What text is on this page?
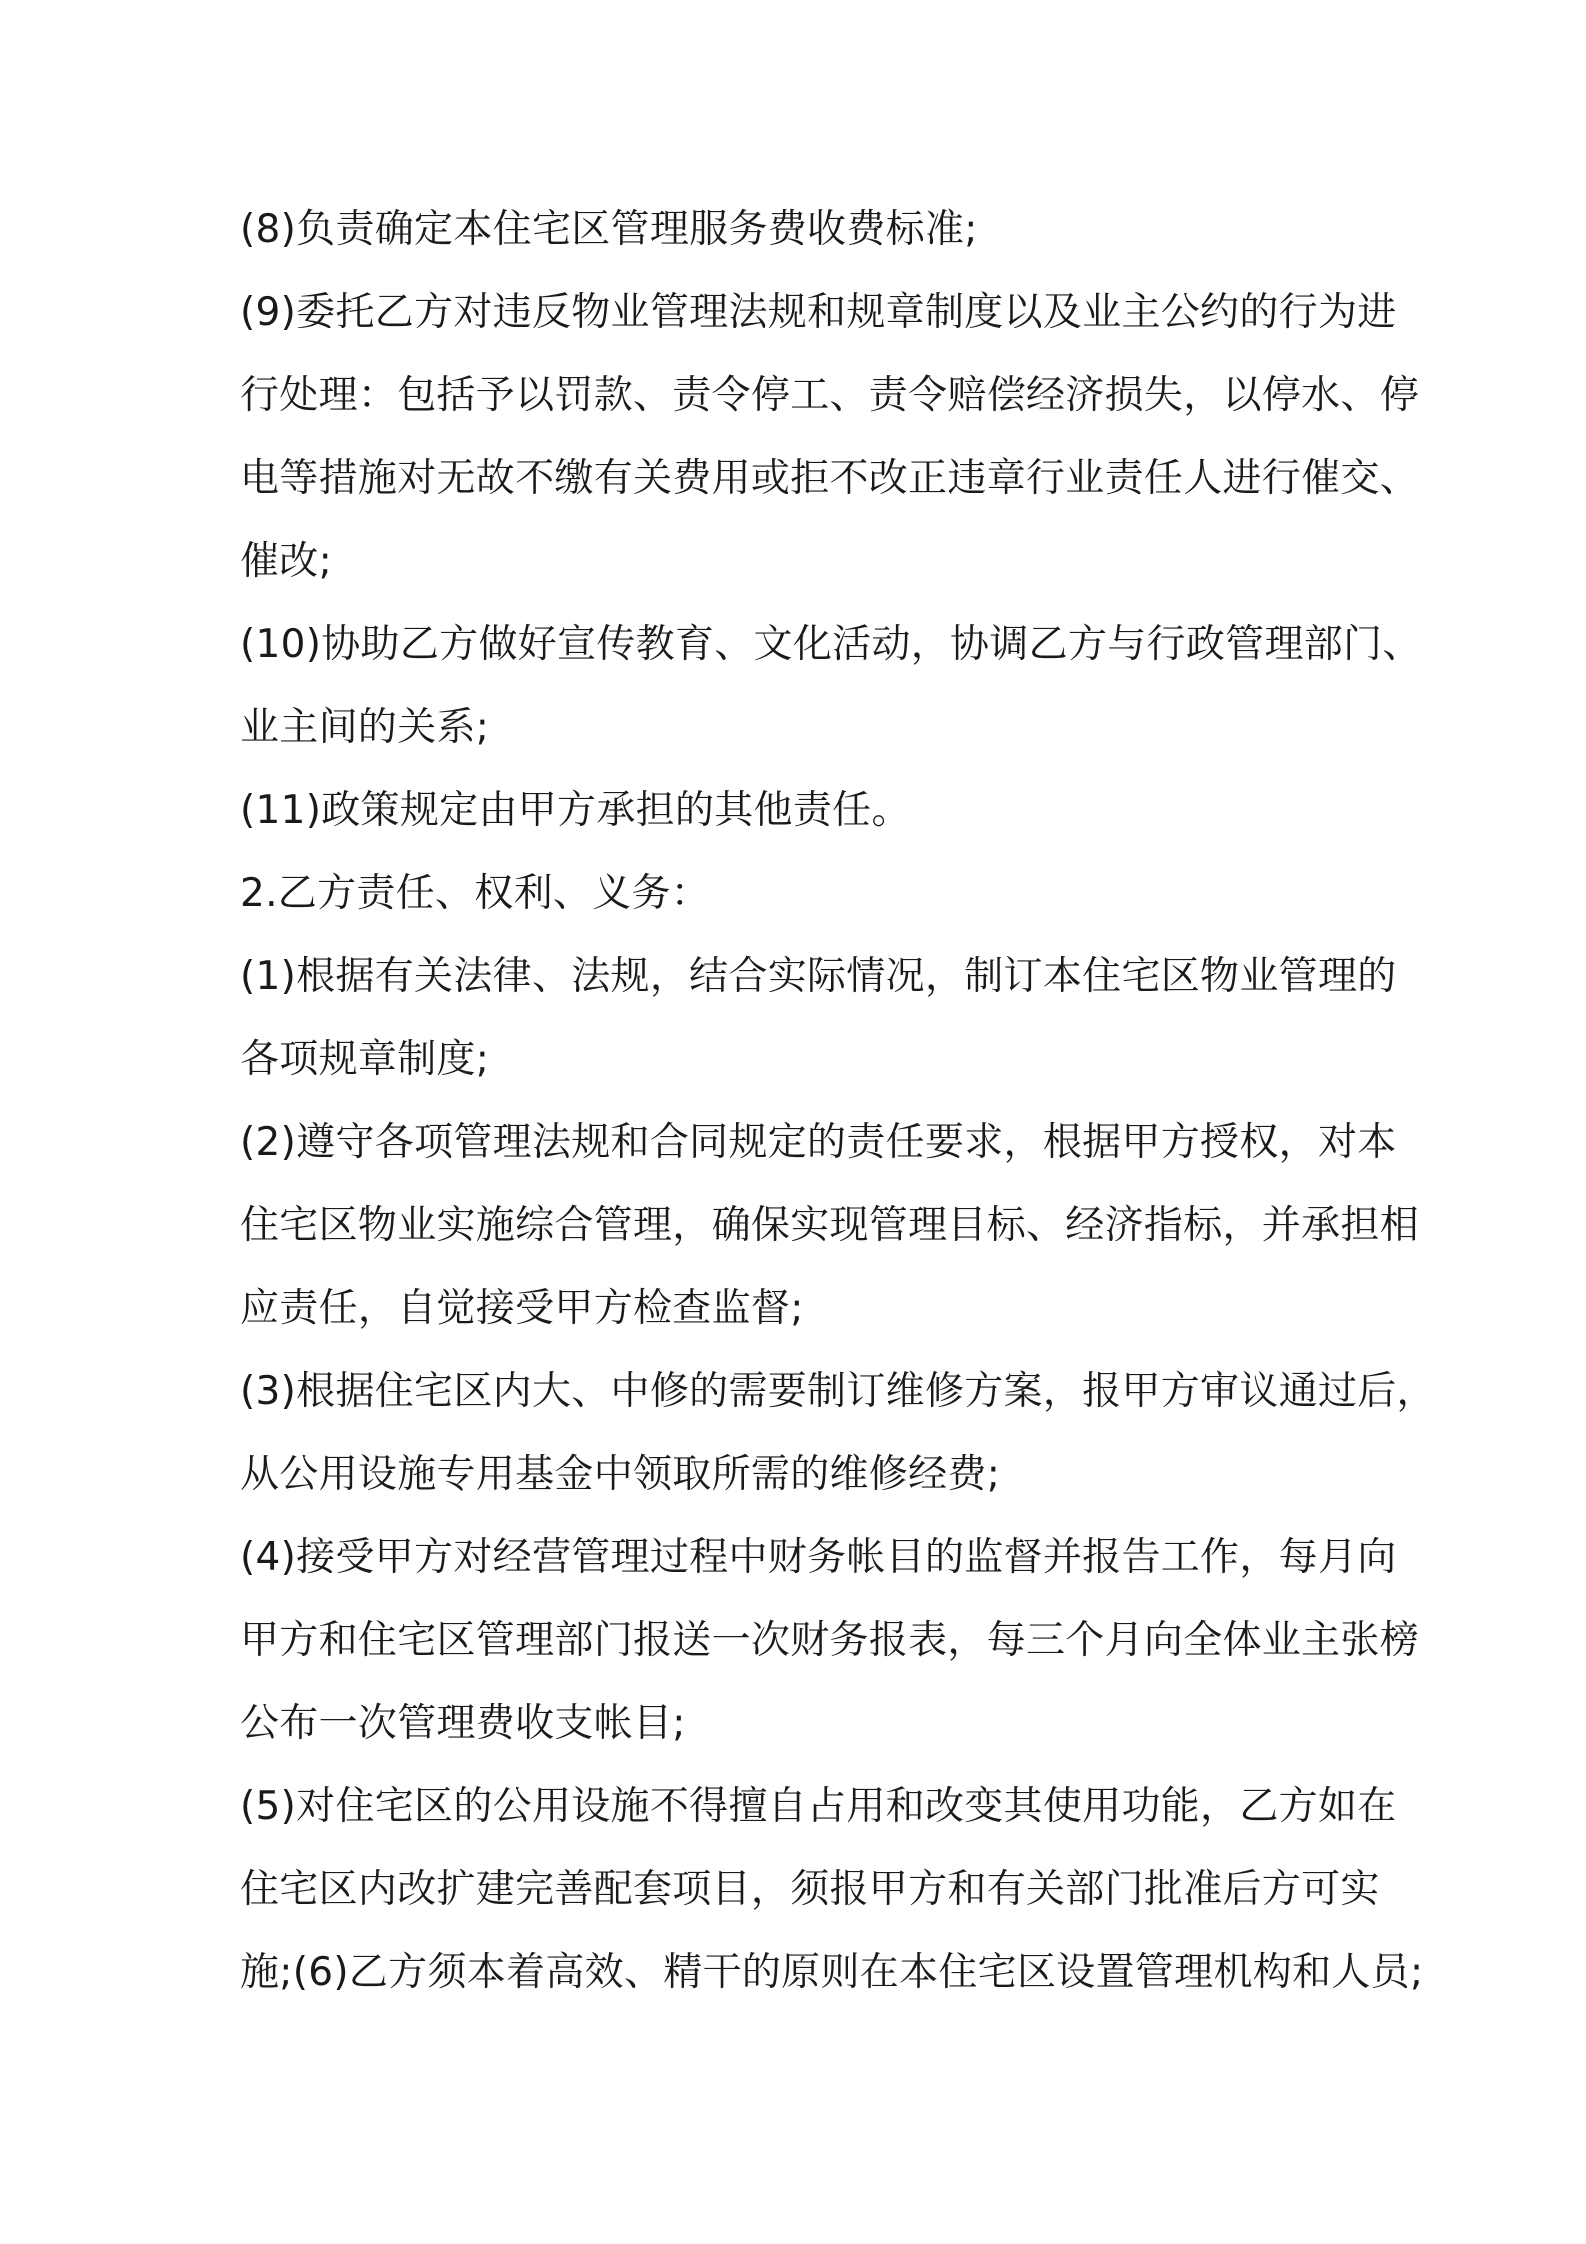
(8)负责确定本住宅区管理服务费收费标准;
(9)委托乙方对违反物业管理法规和规章制度以及业主公约的行为进
行处理：包括予以罚款、责令停工、责令赔偿经济损失，以停水、停
电等措施对无故不缴有关费用或拒不改正违章行业责任人进行催交、
催改;
(10)协助乙方做好宣传教育、文化活动，协调乙方与行政管理部门、
业主间的关系;
(11)政策规定由甲方承担的其他责任。
2.乙方责任、权利、义务：
(1)根据有关法律、法规，结合实际情况，制订本住宅区物业管理的
各项规章制度;
(2)遵守各项管理法规和合同规定的责任要求，根据甲方授权，对本
住宅区物业实施综合管理，确保实现管理目标、经济指标，并承担相
应责任，自觉接受甲方检查监督;
(3)根据住宅区内大、中修的需要制订维修方案，报甲方审议通过后，
从公用设施专用基金中领取所需的维修经费;
(4)接受甲方对经营管理过程中财务帐目的监督并报告工作，每月向
甲方和住宅区管理部门报送一次财务报表，每三个月向全体业主张榜
公布一次管理费收支帐目;
(5)对住宅区的公用设施不得擅自占用和改变其使用功能，乙方如在
住宅区内改扩建完善配套项目，须报甲方和有关部门批准后方可实
施;(6)乙方须本着高效、精干的原则在本住宅区设置管理机构和人员;
